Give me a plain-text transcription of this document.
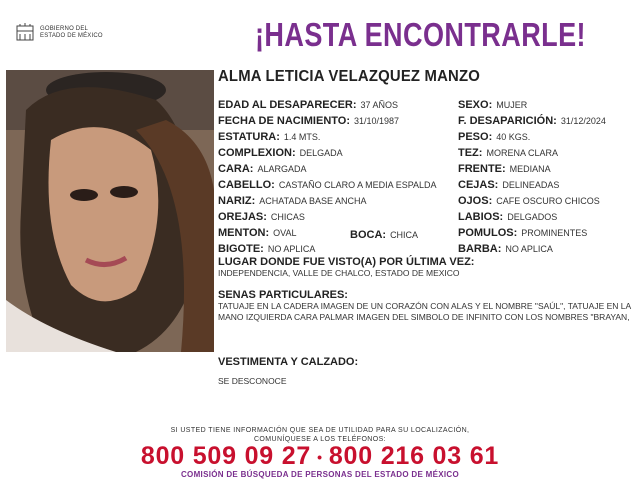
GOBIERNO DEL
ESTADO DE MÉXICO	¡HASTA ENCONTRARLE!
ALMA LETICIA VELAZQUEZ MANZO
EDAD AL DESAPARECER: 37 AÑOS
FECHA DE NACIMIENTO: 31/10/1987
ESTATURA: 1.4 MTS.
COMPLEXION: DELGADA
CARA: ALARGADA
CABELLO: CASTAÑO CLARO A MEDIA ESPALDA
NARIZ: ACHATADA BASE ANCHA
OREJAS: CHICAS
MENTON: OVAL	BOCA: CHICA
BIGOTE: NO APLICA
SEXO: MUJER
F. DESAPARICIÓN: 31/12/2024
PESO: 40 KGS.
TEZ: MORENA CLARA
FRENTE: MEDIANA
CEJAS: DELINEADAS
OJOS: CAFE OSCURO CHICOS
LABIOS: DELGADOS
POMULOS: PROMINENTES
BARBA: NO APLICA
LUGAR DONDE FUE VISTO(A) POR ÚLTIMA VEZ:
INDEPENDENCIA, VALLE DE CHALCO, ESTADO DE MEXICO
SENAS PARTICULARES:
TATUAJE EN LA CADERA IMAGEN DE UN CORAZÓN CON ALAS Y EL NOMBRE "SAÚL", TATUAJE EN LA MANO IZQUIERDA CARA PALMAR IMAGEN DEL SIMBOLO DE INFINITO CON LOS NOMBRES "BRAYAN,
VESTIMENTA Y CALZADO:
SE DESCONOCE
SI USTED TIENE INFORMACIÓN QUE SEA DE UTILIDAD PARA SU LOCALIZACIÓN,
COMUNÍQUESE A LOS TELÉFONOS:
800 509 09 27 • 800 216 03 61
COMISIÓN DE BÚSQUEDA DE PERSONAS DEL ESTADO DE MÉXICO
